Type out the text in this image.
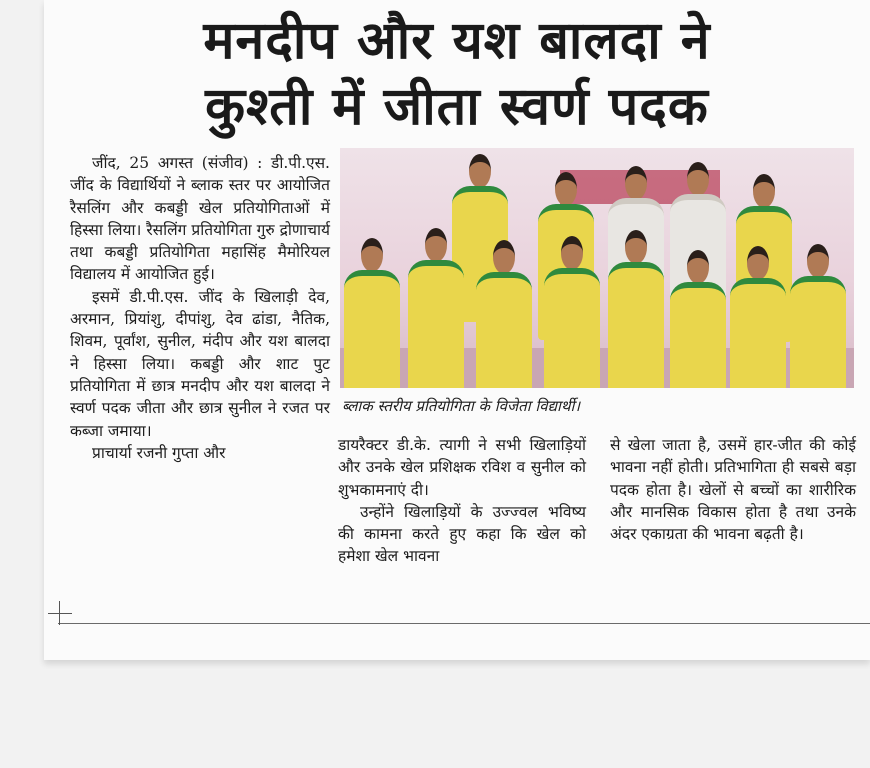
मनदीप और यश बालदा ने
कुश्ती में जीता स्वर्ण पदक

जींद, 25 अगस्त (संजीव) : डी.पी.एस. जींद के विद्यार्थियों ने ब्लाक स्तर पर आयोजित रैसलिंग और कबड्डी खेल प्रतियोगिताओं में हिस्सा लिया। रैसलिंग प्रतियोगिता गुरु द्रोणाचार्य तथा कबड्डी प्रतियोगिता महासिंह मैमोरियल विद्यालय में आयोजित हुई।

इसमें डी.पी.एस. जींद के खिलाड़ी देव, अरमान, प्रियांशु, दीपांशु, देव ढांडा, नैतिक, शिवम, पूर्वांश, सुनील, मंदीप और यश बालदा ने हिस्सा लिया। कबड्डी और शाट पुट प्रतियोगिता में छात्र मनदीप और यश बालदा ने स्वर्ण पदक जीता और छात्र सुनील ने रजत पर कब्जा जमाया।

प्राचार्या रजनी गुप्ता और

ब्लाक स्तरीय प्रतियोगिता के विजेता विद्यार्थी।

डायरैक्टर डी.के. त्यागी ने सभी खिलाड़ियों और उनके खेल प्रशिक्षक रविश व सुनील को शुभकामनाएं दी।

उन्होंने खिलाड़ियों के उज्ज्वल भविष्य की कामना करते हुए कहा कि खेल को हमेशा खेल भावना

से खेला जाता है, उसमें हार-जीत की कोई भावना नहीं होती। प्रतिभागिता ही सबसे बड़ा पदक होता है। खेलों से बच्चों का शारीरिक और मानसिक विकास होता है तथा उनके अंदर एकाग्रता की भावना बढ़ती है।
